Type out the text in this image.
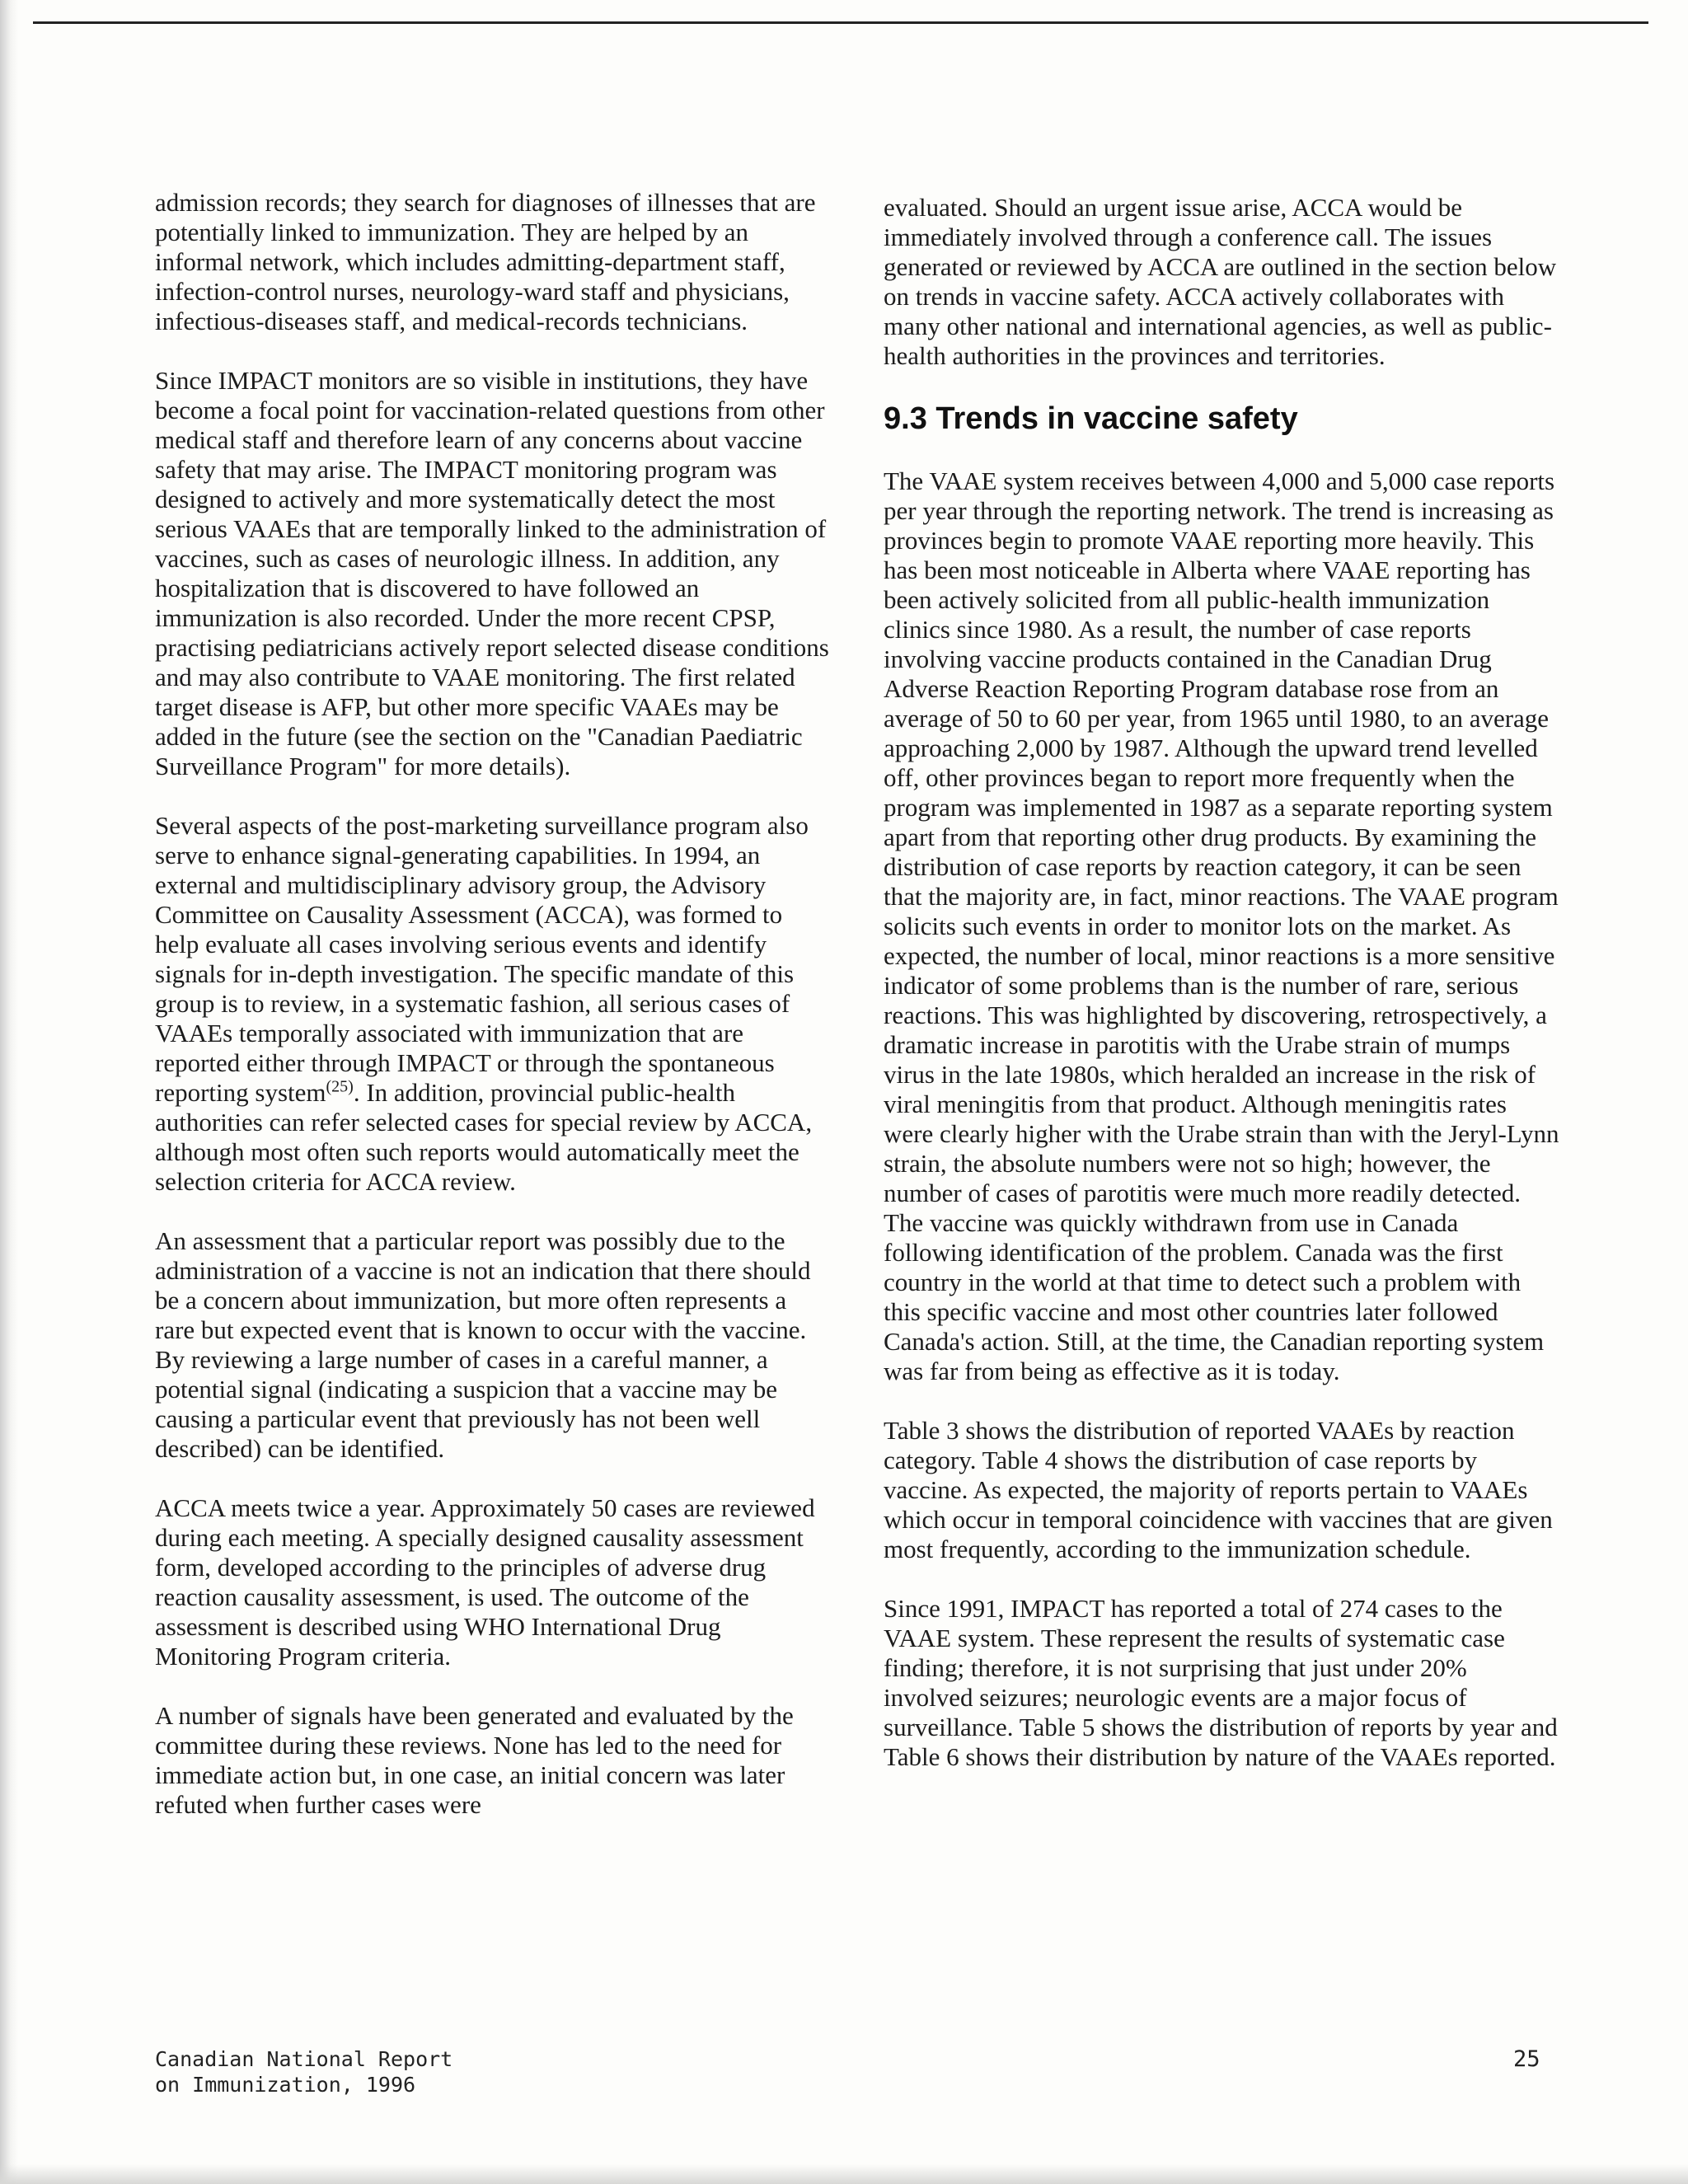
admission records; they search for diagnoses of illnesses that are potentially linked to immunization. They are helped by an informal network, which includes admitting-department staff, infection-control nurses, neurology-ward staff and physicians, infectious-diseases staff, and medical-records technicians.

Since IMPACT monitors are so visible in institutions, they have become a focal point for vaccination-related questions from other medical staff and therefore learn of any concerns about vaccine safety that may arise. The IMPACT monitoring program was designed to actively and more systematically detect the most serious VAAEs that are temporally linked to the administration of vaccines, such as cases of neurologic illness. In addition, any hospitalization that is discovered to have followed an immunization is also recorded. Under the more recent CPSP, practising pediatricians actively report selected disease conditions and may also contribute to VAAE monitoring. The first related target disease is AFP, but other more specific VAAEs may be added in the future (see the section on the "Canadian Paediatric Surveillance Program" for more details).

Several aspects of the post-marketing surveillance program also serve to enhance signal-generating capabilities. In 1994, an external and multidisciplinary advisory group, the Advisory Committee on Causality Assessment (ACCA), was formed to help evaluate all cases involving serious events and identify signals for in-depth investigation. The specific mandate of this group is to review, in a systematic fashion, all serious cases of VAAEs temporally associated with immunization that are reported either through IMPACT or through the spontaneous reporting system$^{(25)}$. In addition, provincial public-health authorities can refer selected cases for special review by ACCA, although most often such reports would automatically meet the selection criteria for ACCA review.

An assessment that a particular report was possibly due to the administration of a vaccine is not an indication that there should be a concern about immunization, but more often represents a rare but expected event that is known to occur with the vaccine. By reviewing a large number of cases in a careful manner, a potential signal (indicating a suspicion that a vaccine may be causing a particular event that previously has not been well described) can be identified.

ACCA meets twice a year. Approximately 50 cases are reviewed during each meeting. A specially designed causality assessment form, developed according to the principles of adverse drug reaction causality assessment, is used. The outcome of the assessment is described using WHO International Drug Monitoring Program criteria.

A number of signals have been generated and evaluated by the committee during these reviews. None has led to the need for immediate action but, in one case, an initial concern was later refuted when further cases were

evaluated. Should an urgent issue arise, ACCA would be immediately involved through a conference call. The issues generated or reviewed by ACCA are outlined in the section below on trends in vaccine safety. ACCA actively collaborates with many other national and international agencies, as well as public-health authorities in the provinces and territories.

9.3 Trends in vaccine safety

The VAAE system receives between 4,000 and 5,000 case reports per year through the reporting network. The trend is increasing as provinces begin to promote VAAE reporting more heavily. This has been most noticeable in Alberta where VAAE reporting has been actively solicited from all public-health immunization clinics since 1980. As a result, the number of case reports involving vaccine products contained in the Canadian Drug Adverse Reaction Reporting Program database rose from an average of 50 to 60 per year, from 1965 until 1980, to an average approaching 2,000 by 1987. Although the upward trend levelled off, other provinces began to report more frequently when the program was implemented in 1987 as a separate reporting system apart from that reporting other drug products. By examining the distribution of case reports by reaction category, it can be seen that the majority are, in fact, minor reactions. The VAAE program solicits such events in order to monitor lots on the market. As expected, the number of local, minor reactions is a more sensitive indicator of some problems than is the number of rare, serious reactions. This was highlighted by discovering, retrospectively, a dramatic increase in parotitis with the Urabe strain of mumps virus in the late 1980s, which heralded an increase in the risk of viral meningitis from that product. Although meningitis rates were clearly higher with the Urabe strain than with the Jeryl-Lynn strain, the absolute numbers were not so high; however, the number of cases of parotitis were much more readily detected. The vaccine was quickly withdrawn from use in Canada following identification of the problem. Canada was the first country in the world at that time to detect such a problem with this specific vaccine and most other countries later followed Canada's action. Still, at the time, the Canadian reporting system was far from being as effective as it is today.

Table 3 shows the distribution of reported VAAEs by reaction category. Table 4 shows the distribution of case reports by vaccine. As expected, the majority of reports pertain to VAAEs which occur in temporal coincidence with vaccines that are given most frequently, according to the immunization schedule.

Since 1991, IMPACT has reported a total of 274 cases to the VAAE system. These represent the results of systematic case finding; therefore, it is not surprising that just under 20% involved seizures; neurologic events are a major focus of surveillance. Table 5 shows the distribution of reports by year and Table 6 shows their distribution by nature of the VAAEs reported.

Canadian National Report
on Immunization, 1996
25
